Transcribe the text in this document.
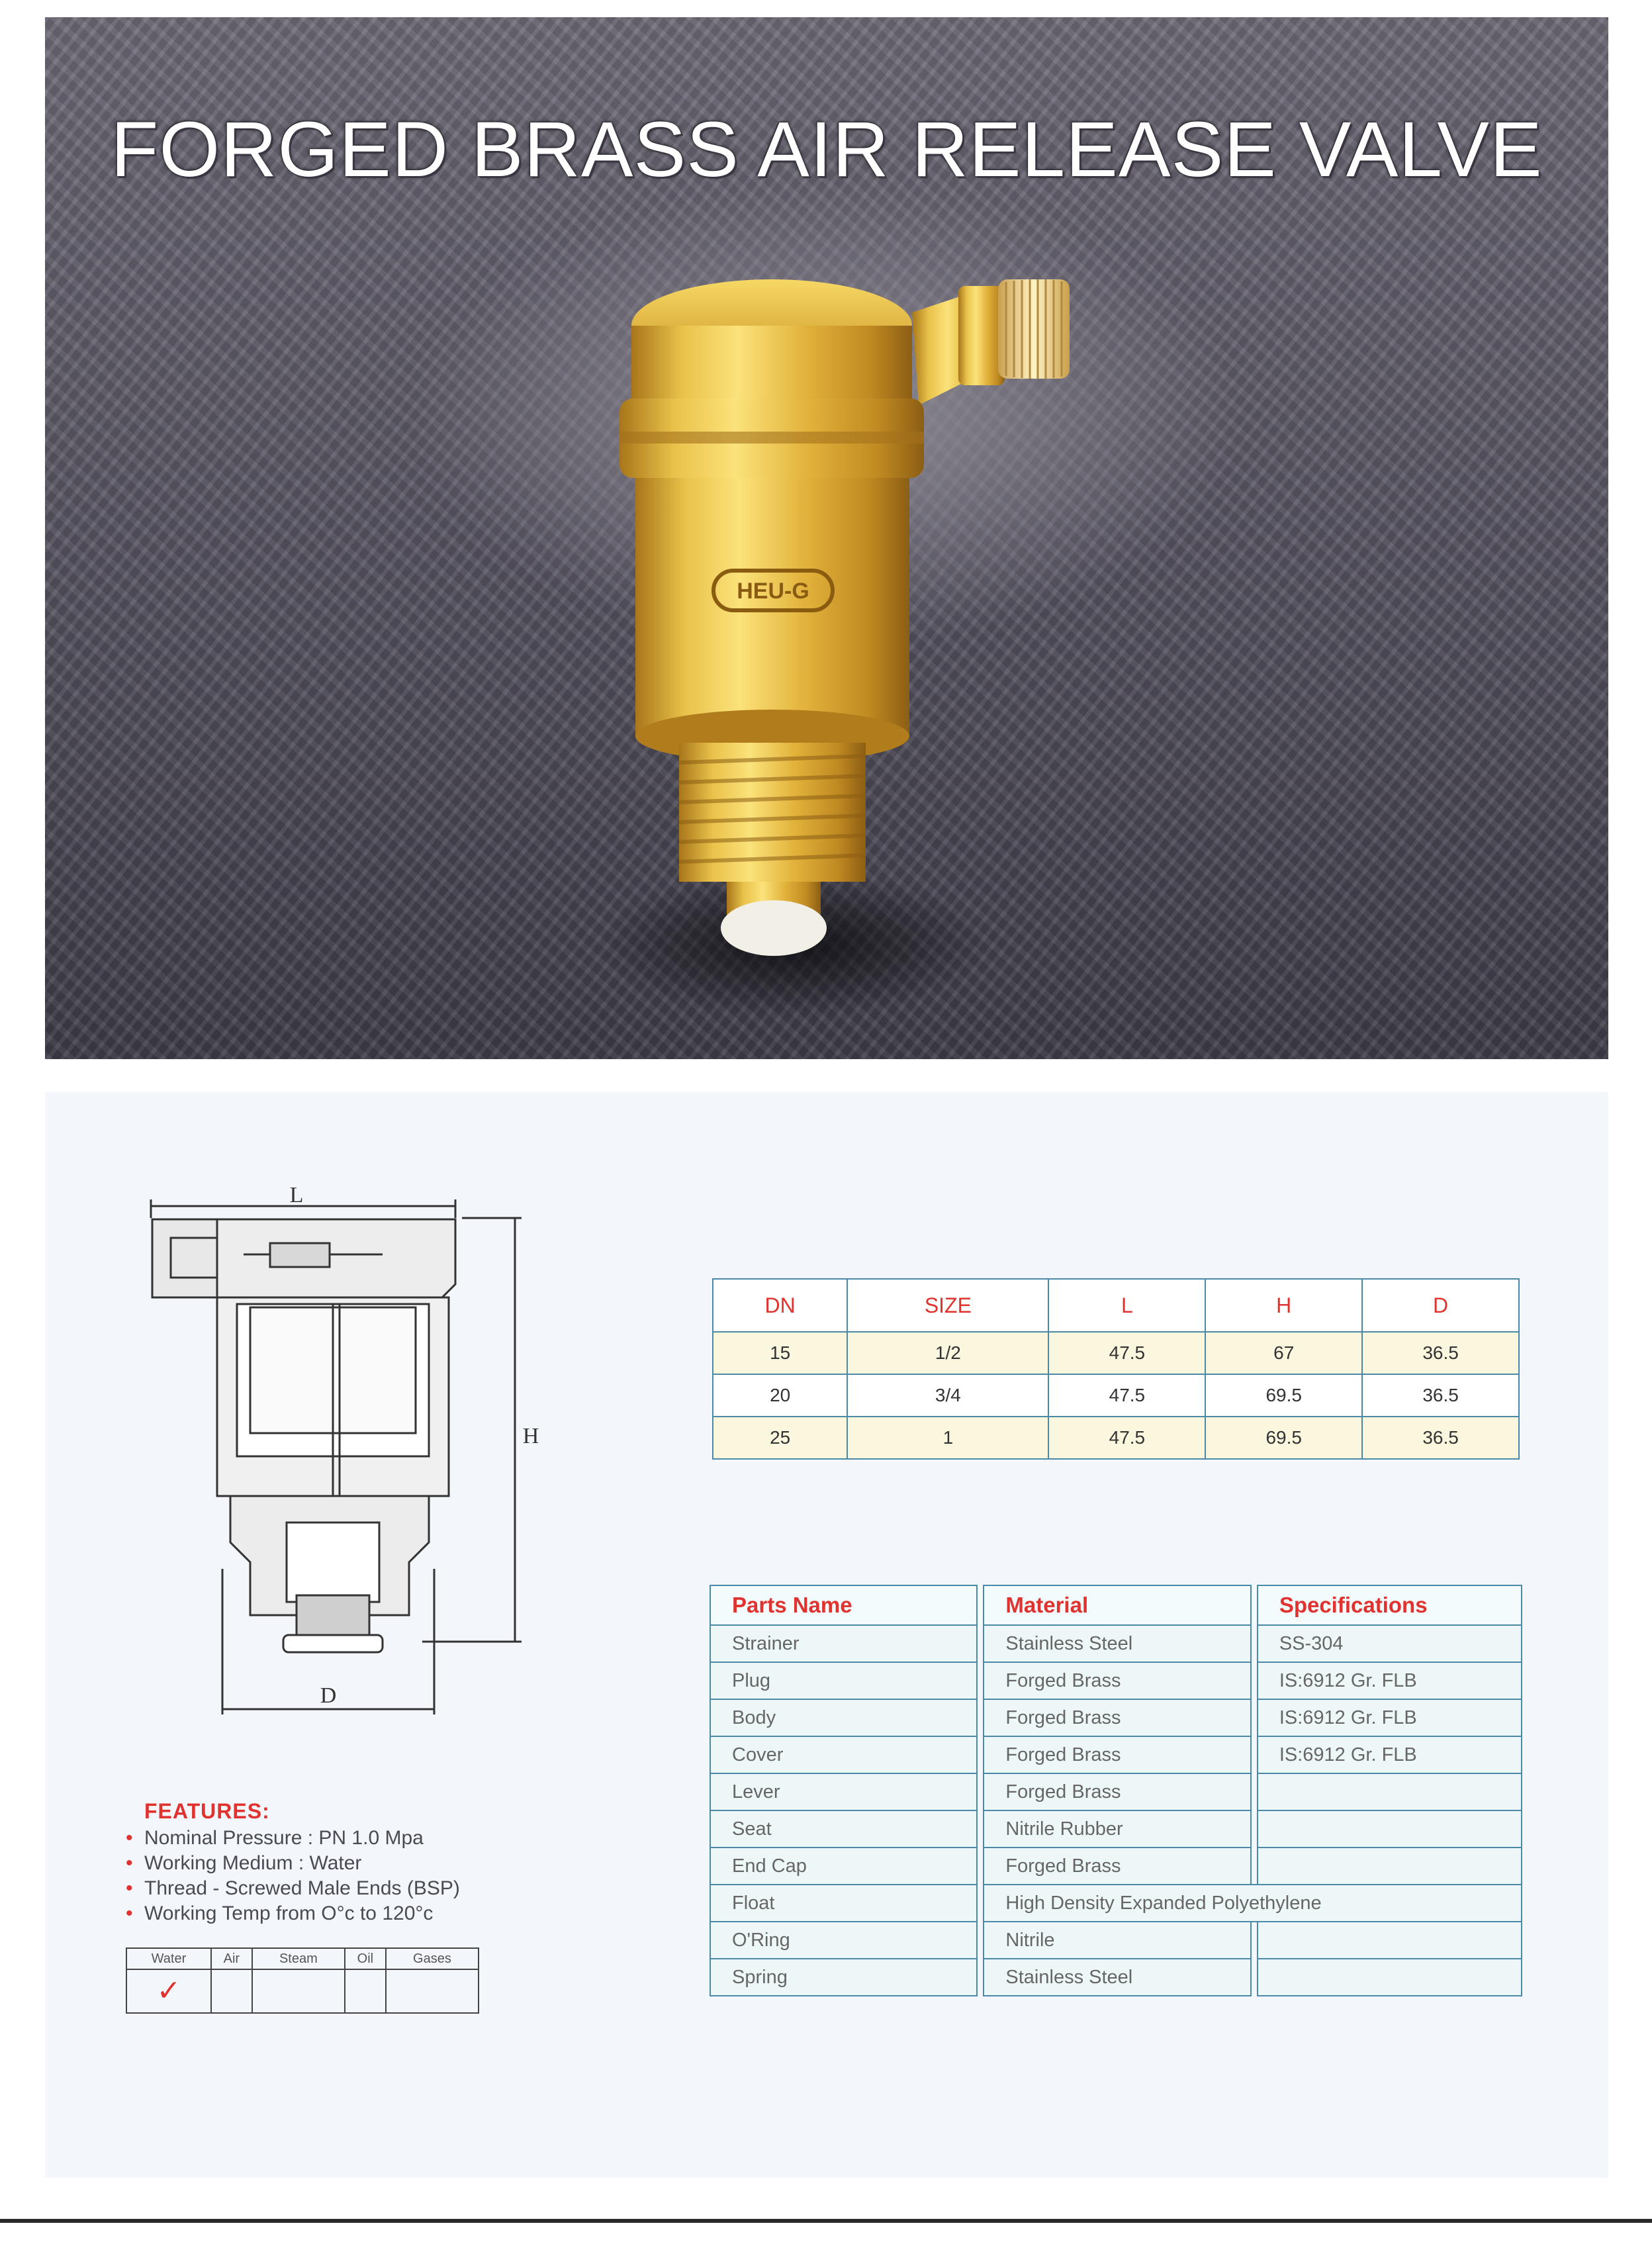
FORGED BRASS AIR RELEASE VALVE
HEU-G
L
H
D
FEATURES:
• Nominal Pressure : PN 1.0 Mpa
• Working Medium : Water
• Thread - Screwed Male Ends (BSP)
• Working Temp from O°c to 120°c
Water	Air	Steam	Oil	Gases
✓				
DN	SIZE	L	H	D
15	1/2	47.5	67	36.5
20	3/4	47.5	69.5	36.5
25	1	47.5	69.5	36.5
Parts Name		Material		Specifications
Strainer		Stainless Steel		SS-304
Plug		Forged Brass		IS:6912 Gr. FLB
Body		Forged Brass		IS:6912 Gr. FLB
Cover		Forged Brass		IS:6912 Gr. FLB
Lever		Forged Brass		
Seat		Nitrile Rubber		
End Cap		Forged Brass		
Float		High Density Expanded Polyethylene		
O'Ring		Nitrile		
Spring		Stainless Steel		
